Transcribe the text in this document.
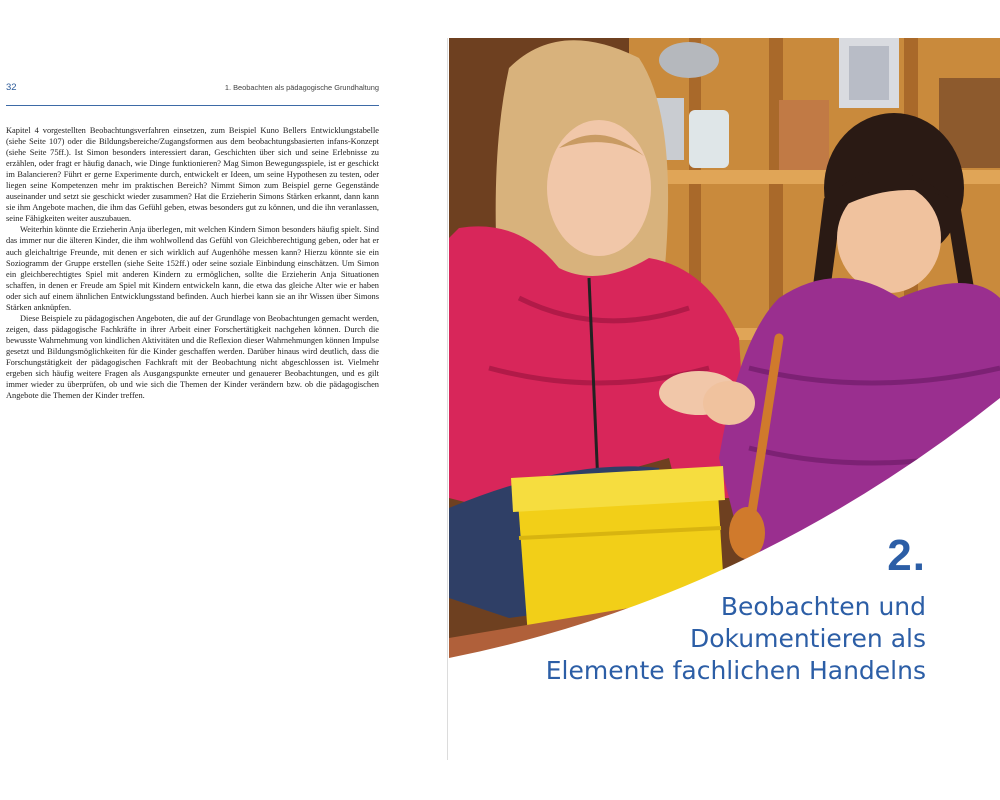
32	1. Beobachten als pädagogische Grundhaltung

Kapitel 4 vorgestellten Beobachtungsverfahren einsetzen, zum Beispiel Kuno Bellers Entwicklungstabelle (siehe Seite 107) oder die Bildungsbereiche/Zugangsformen aus dem beobachtungsbasierten infans-Konzept (siehe Seite 75ff.). Ist Simon besonders interessiert daran, Geschichten über sich und seine Erlebnisse zu erzählen, oder fragt er häufig danach, wie Dinge funktionieren? Mag Simon Bewegungsspiele, ist er geschickt im Balancieren? Führt er gerne Experimente durch, entwickelt er Ideen, um seine Hypothesen zu testen, oder liegen seine Kompetenzen mehr im praktischen Bereich? Nimmt Simon zum Beispiel gerne Gegenstände auseinander und setzt sie geschickt wieder zusammen? Hat die Erzieherin Simons Stärken erkannt, dann kann sie ihm Angebote machen, die ihm das Gefühl geben, etwas besonders gut zu können, und die ihn veranlassen, seine Fähigkeiten weiter auszubauen.

Weiterhin könnte die Erzieherin Anja überlegen, mit welchen Kindern Simon besonders häufig spielt. Sind das immer nur die älteren Kinder, die ihm wohlwollend das Gefühl von Gleichberechtigung geben, oder hat er auch gleichaltrige Freunde, mit denen er sich wirklich auf Augenhöhe messen kann? Hierzu könnte sie ein Soziogramm der Gruppe erstellen (siehe Seite 152ff.) oder seine soziale Einbindung einschätzen. Um Simon ein gleichberechtigtes Spiel mit anderen Kindern zu ermöglichen, sollte die Erzieherin Anja Situationen schaffen, in denen er Freude am Spiel mit Kindern entwickeln kann, die etwa das gleiche Alter wie er haben oder sich auf einem ähnlichen Entwicklungsstand befinden. Auch hierbei kann sie an ihr Wissen über Simons Stärken anknüpfen.

Diese Beispiele zu pädagogischen Angeboten, die auf der Grundlage von Beobachtungen gemacht werden, zeigen, dass pädagogische Fachkräfte in ihrer Arbeit einer Forschertätigkeit nachgehen können. Durch die bewusste Wahrnehmung von kindlichen Aktivitäten und die Reflexion dieser Wahrnehmungen können Impulse gesetzt und Bildungsmöglichkeiten für die Kinder geschaffen werden. Darüber hinaus wird deutlich, dass die Forschungstätigkeit der pädagogischen Fachkraft mit der Beobachtung nicht abgeschlossen ist. Vielmehr ergeben sich häufig weitere Fragen als Ausgangspunkte erneuter und genauerer Beobachtungen, und es gilt immer wieder zu überprüfen, ob und wie sich die Themen der Kinder verändern bzw. ob die pädagogischen Angebote die Themen der Kinder treffen.

2.
Beobachten und
Dokumentieren als
Elemente fachlichen Handelns
